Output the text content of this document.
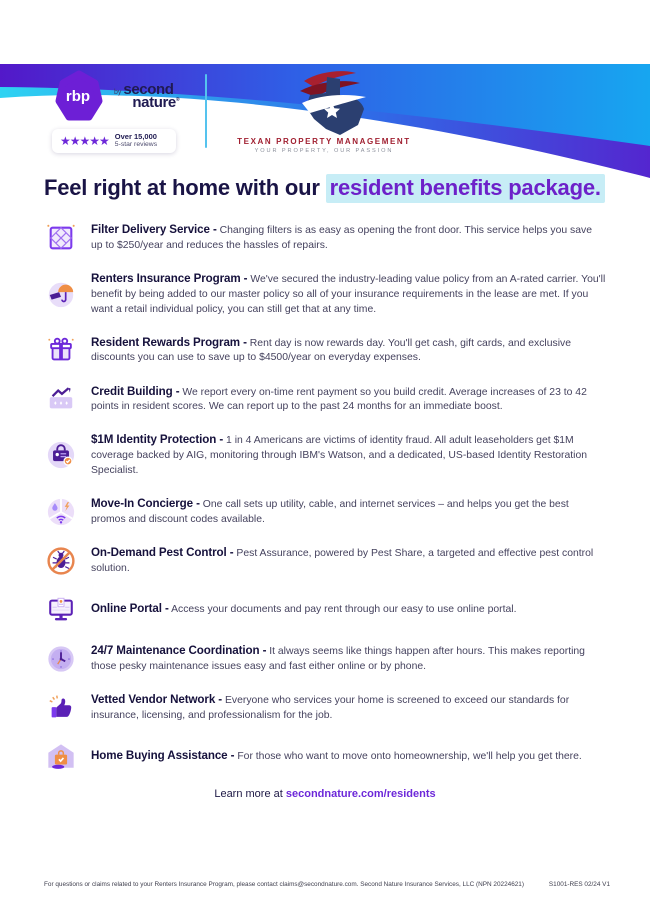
rbp	by second
nature®
★★★★★ Over 15,000
5-star reviews	TEXAN PROPERTY MANAGEMENT
YOUR PROPERTY, OUR PASSION
Feel right at home with our resident benefits package.

Filter Delivery Service - Changing filters is as easy as opening the front door. This service helps you save up to $250/year and reduces the hassles of repairs.

Renters Insurance Program - We've secured the industry-leading value policy from an A-rated carrier. You'll benefit by being added to our master policy so all of your insurance requirements in the lease are met. If you want a retail individual policy, you can still get that at any time.

Resident Rewards Program - Rent day is now rewards day. You'll get cash, gift cards, and exclusive discounts you can use to save up to $4500/year on everyday expenses.

Credit Building - We report every on-time rent payment so you build credit. Average increases of 23 to 42 points in resident scores. We can report up to the past 24 months for an immediate boost.

$1M Identity Protection - 1 in 4 Americans are victims of identity fraud. All adult leaseholders get $1M coverage backed by AIG, monitoring through IBM's Watson, and a dedicated, US-based Identity Restoration Specialist.

Move-In Concierge - One call sets up utility, cable, and internet services – and helps you get the best promos and discount codes available.

On-Demand Pest Control - Pest Assurance, powered by Pest Share, a targeted and effective pest control solution.

Online Portal - Access your documents and pay rent through our easy to use online portal.

24/7 Maintenance Coordination - It always seems like things happen after hours. This makes reporting those pesky maintenance issues easy and fast either online or by phone.

Vetted Vendor Network - Everyone who services your home is screened to exceed our standards for insurance, licensing, and professionalism for the job.

Home Buying Assistance - For those who want to move onto homeownership, we'll help you get there.

Learn more at secondnature.com/residents
For questions or claims related to your Renters Insurance Program, please contact claims@secondnature.com. Second Nature Insurance Services, LLC (NPN 20224621)	S1001-RES 02/24 V1
